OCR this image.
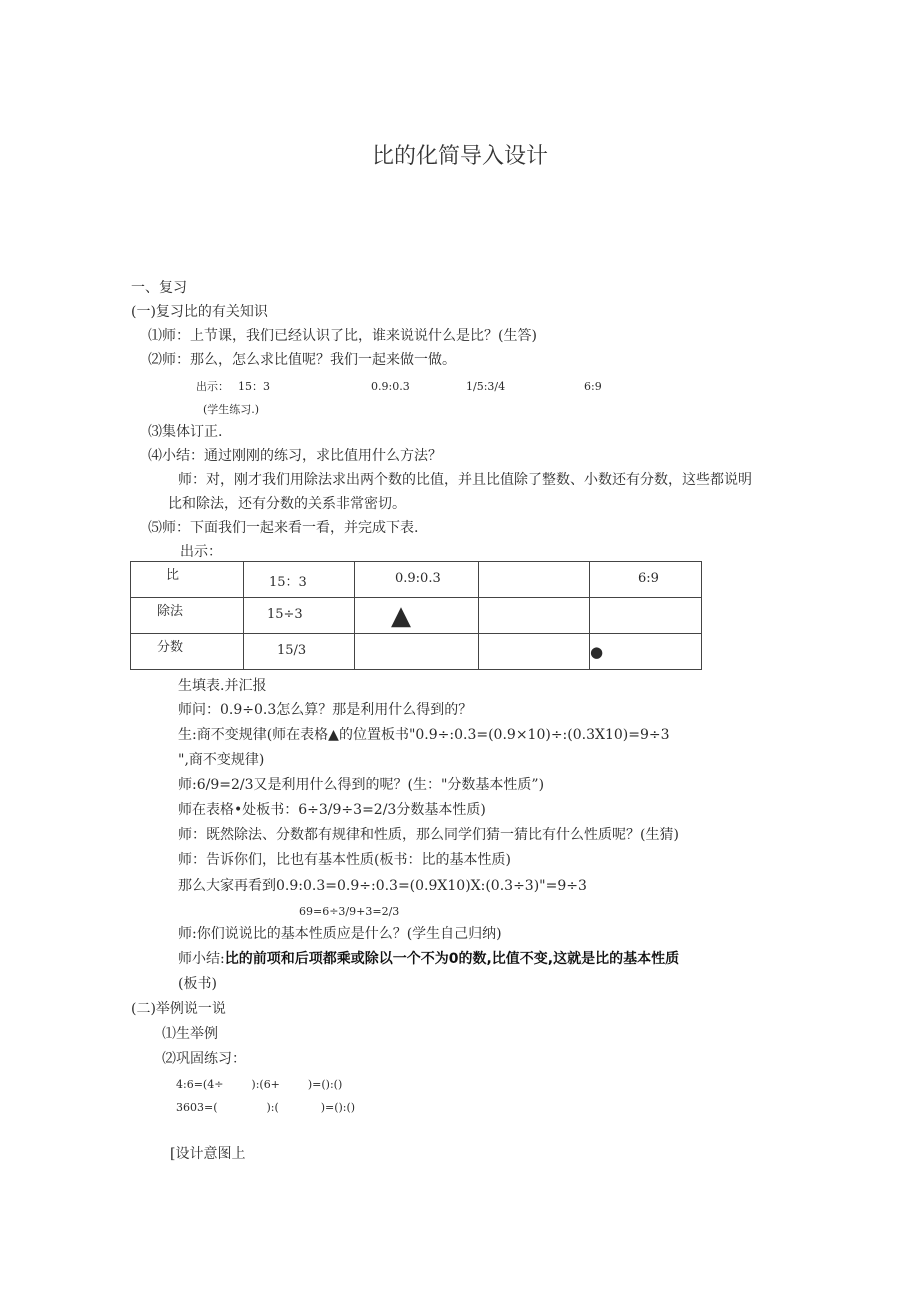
比的化简导入设计
一、复习
(一)复习比的有关知识
⑴师：上节课，我们已经认识了比，谁来说说什么是比？(生答)
⑵师：那么，怎么求比值呢？我们一起来做一做。
出示： 15：3	0.9:0.3	1/5:3/4	6:9
(学生练习.)
⑶集体订正.
⑷小结：通过刚刚的练习，求比值用什么方法？
师：对，刚才我们用除法求出两个数的比值，并且比值除了整数、小数还有分数，这些都说明
比和除法，还有分数的关系非常密切。
⑸师：下面我们一起来看一看，并完成下表.
出示：
比	15：3	0.9:0.3		6:9

除法	15÷3	▲		

分数	15/3			●
生填表.并汇报
师问：0.9÷0.3怎么算？那是利用什么得到的？
生:商不变规律(师在表格▲的位置板书"0.9÷:0.3=(0.9×10)÷:(0.3X10)=9÷3
",商不变规律)
师:6/9=2/3又是利用什么得到的呢？(生："分数基本性质”)
师在表格•处板书：6÷3/9÷3=2/3分数基本性质)
师：既然除法、分数都有规律和性质，那么同学们猜一猜比有什么性质呢？(生猜)
师：告诉你们，比也有基本性质(板书：比的基本性质)
那么大家再看到0.9:0.3=0.9÷:0.3=(0.9X10)X:(0.3÷3)"=9÷3
69=6÷3/9+3=2/3
师:你们说说比的基本性质应是什么？(学生自己归纳)
师小结:比的前项和后项都乘或除以一个不为0的数,比值不变,这就是比的基本性质
(板书)
(二)举例说一说
⑴生举例
⑵巩固练习：
4:6=(4÷        ):(6+        )=():()
3603=(              ):(            )=():()
[设计意图上
